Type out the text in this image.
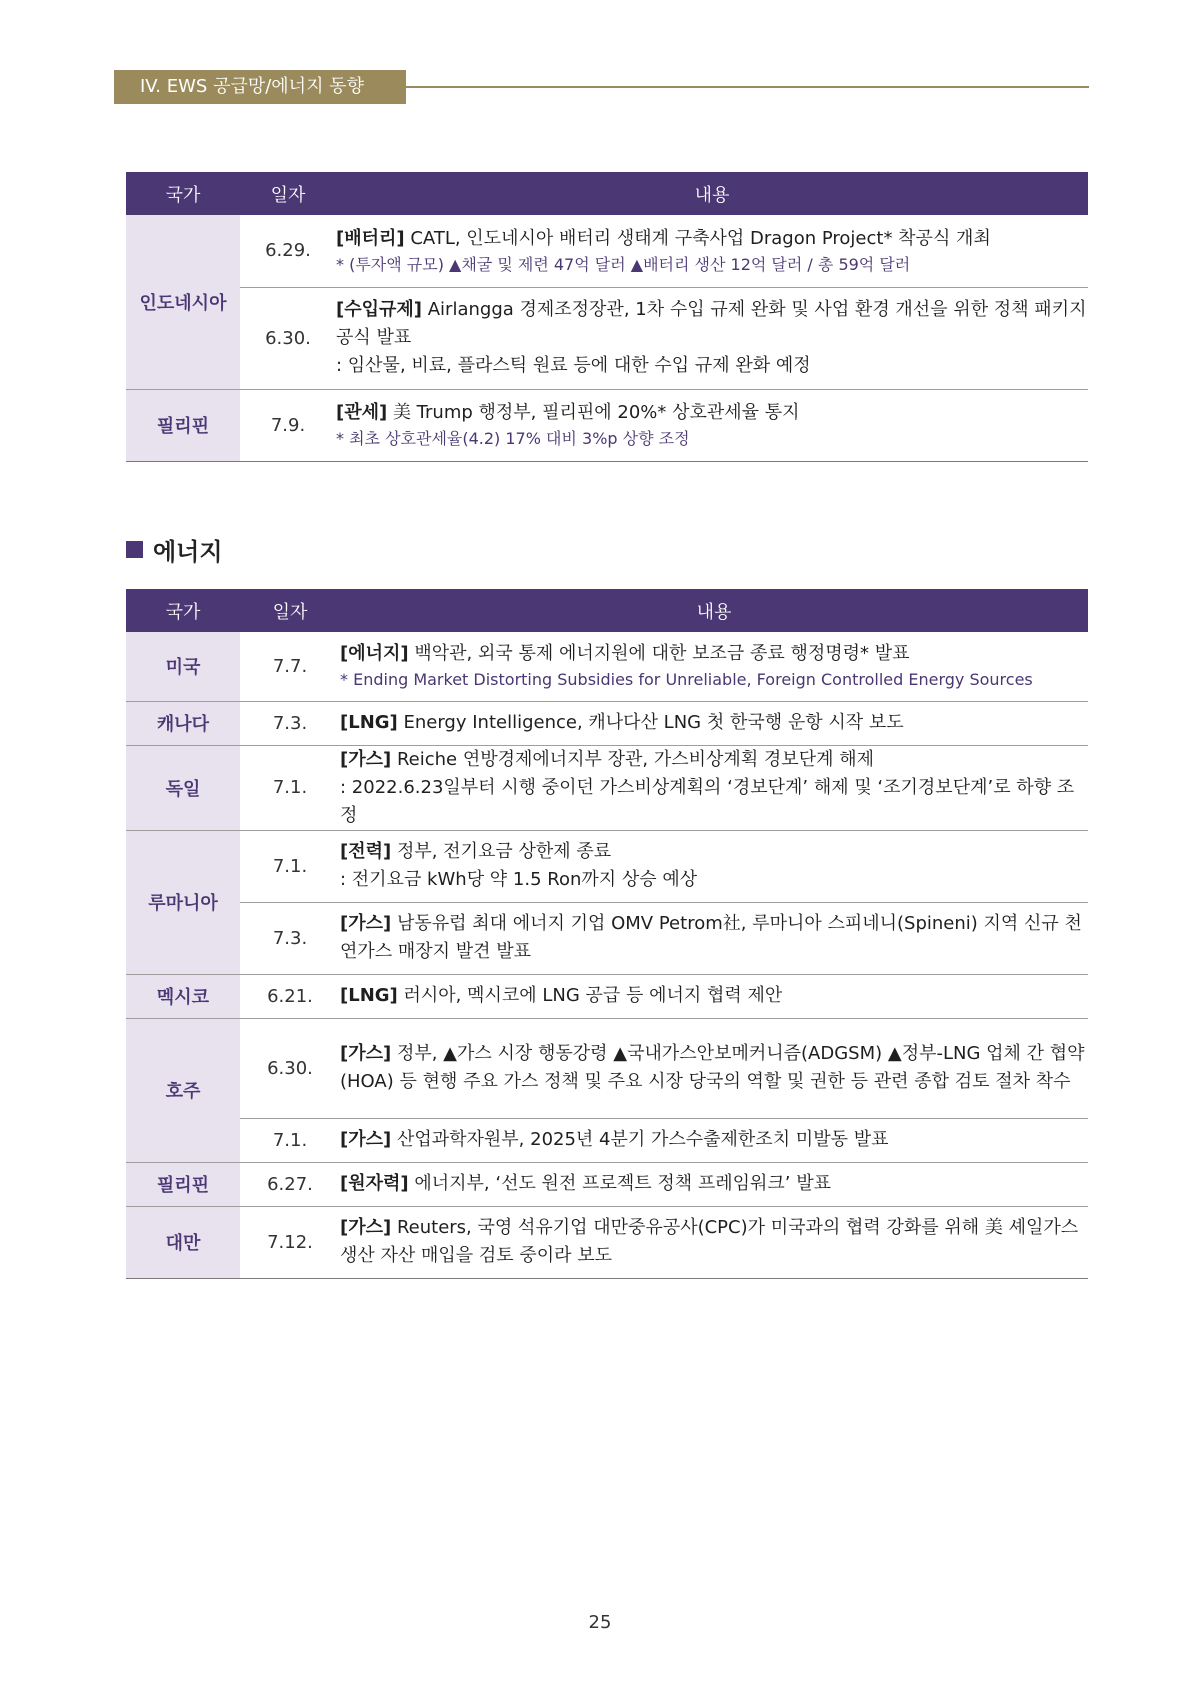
IV. EWS 공급망/에너지 동향
국가	일자	내용
인도네시아	6.29.	[배터리] CATL, 인도네시아 배터리 생태계 구축사업 Dragon Project* 착공식 개최
* (투자액 규모) ▲채굴 및 제련 47억 달러 ▲배터리 생산 12억 달러 / 총 59억 달러

	6.30.	[수입규제] Airlangga 경제조정장관, 1차 수입 규제 완화 및 사업 환경 개선을 위한 정책 패키지 공식 발표
: 임산물, 비료, 플라스틱 원료 등에 대한 수입 규제 완화 예정

필리핀	7.9.	[관세] 美 Trump 행정부, 필리핀에 20%* 상호관세율 통지
* 최초 상호관세율(4.2) 17% 대비 3%p 상향 조정
에너지
국가	일자	내용
미국	7.7.	[에너지] 백악관, 외국 통제 에너지원에 대한 보조금 종료 행정명령* 발표
* Ending Market Distorting Subsidies for Unreliable, Foreign Controlled Energy Sources

캐나다	7.3.	[LNG] Energy Intelligence, 캐나다산 LNG 첫 한국행 운항 시작 보도
독일	7.1.	[가스] Reiche 연방경제에너지부 장관, 가스비상계획 경보단계 해제
: 2022.6.23일부터 시행 중이던 가스비상계획의 ‘경보단계’ 해제 및 ‘조기경보단계’로 하향 조정

루마니아	7.1.	[전력] 정부, 전기요금 상한제 종료
: 전기요금 kWh당 약 1.5 Ron까지 상승 예상

	7.3.	[가스] 남동유럽 최대 에너지 기업 OMV Petrom社, 루마니아 스피네니(Spineni) 지역 신규 천연가스 매장지 발견 발표
멕시코	6.21.	[LNG] 러시아, 멕시코에 LNG 공급 등 에너지 협력 제안
호주	6.30.	[가스] 정부, ▲가스 시장 행동강령 ▲국내가스안보메커니즘(ADGSM) ▲정부-LNG 업체 간 협약(HOA) 등 현행 주요 가스 정책 및 주요 시장 당국의 역할 및 권한 등 관련 종합 검토 절차 착수
	7.1.	[가스] 산업과학자원부, 2025년 4분기 가스수출제한조치 미발동 발표
필리핀	6.27.	[원자력] 에너지부, ‘선도 원전 프로젝트 정책 프레임워크’ 발표
대만	7.12.	[가스] Reuters, 국영 석유기업 대만중유공사(CPC)가 미국과의 협력 강화를 위해 美 셰일가스 생산 자산 매입을 검토 중이라 보도
25
